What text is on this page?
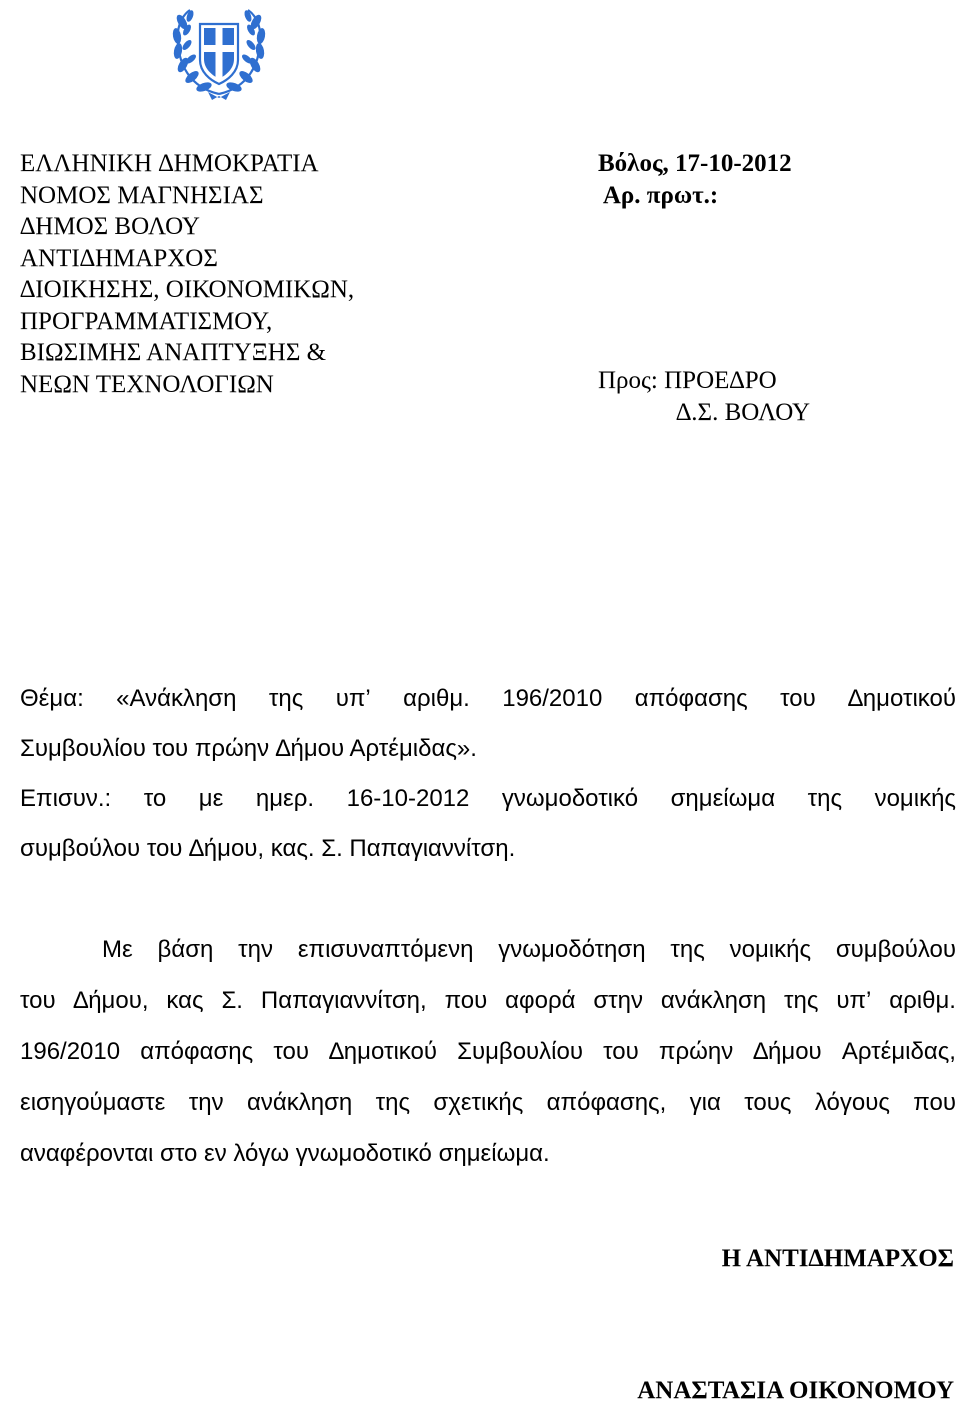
ΕΛΛΗΝΙΚΗ ∆ΗΜΟΚΡΑΤΙΑ
ΝΟΜΟΣ ΜΑΓΝΗΣΙΑΣ
∆ΗΜΟΣ ΒΟΛΟΥ
ΑΝΤΙ∆ΗΜΑΡΧΟΣ
∆ΙΟΙΚΗΣΗΣ, ΟΙΚΟΝΟΜΙΚΩΝ,
ΠΡΟΓΡΑΜΜΑΤΙΣΜΟΥ,
ΒΙΩΣΙΜΗΣ ΑΝΑΠΤΥΞΗΣ &
ΝΕΩΝ ΤΕΧΝΟΛΟΓΙΩΝ
Βόλος, 17-10-2012
Αρ. πρωτ.:
Προς: ΠΡΟΕ∆ΡΟ
∆.Σ. ΒΟΛΟΥ
Θέμα: «Ανάκληση της υπ’ αριθμ. 196/2010 απόφασης του ∆ημοτικού
Συμβουλίου του πρώην ∆ήμου Αρτέμιδας».
Επισυν.: το με ημερ. 16-10-2012 γνωμοδοτικό σημείωμα της νομικής
συμβούλου του ∆ήμου, κας. Σ. Παπαγιαννίτση.
Με βάση την επισυναπτόμενη γνωμοδότηση της νομικής συμβούλου
του ∆ήμου, κας Σ. Παπαγιαννίτση, που αφορά στην ανάκληση της υπ’ αριθμ.
196/2010 απόφασης του ∆ημοτικού Συμβουλίου του πρώην ∆ήμου Αρτέμιδας,
εισηγούμαστε την ανάκληση της σχετικής απόφασης, για τους λόγους που
αναφέρονται στο εν λόγω γνωμοδοτικό σημείωμα.
Η ΑΝΤΙ∆ΗΜΑΡΧΟΣ
ΑΝΑΣΤΑΣΙΑ ΟΙΚΟΝΟΜΟΥ
